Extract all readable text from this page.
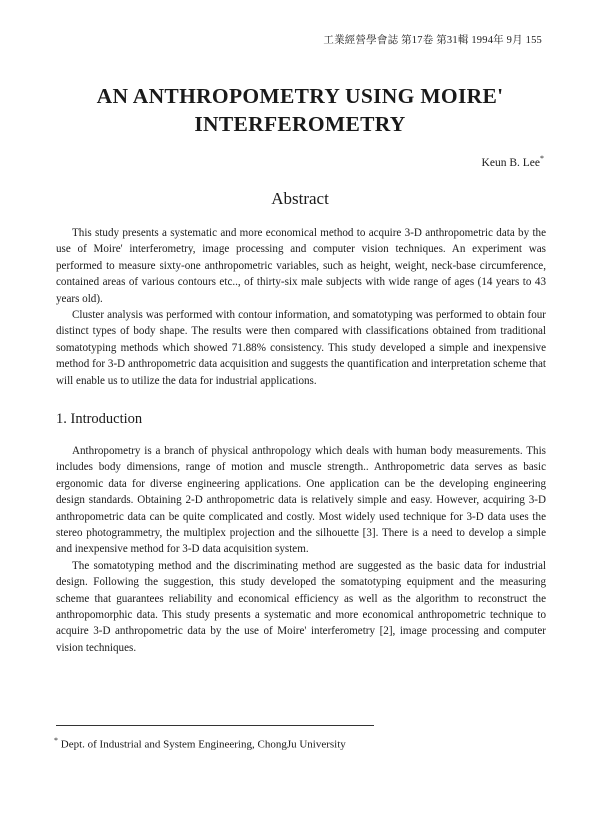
工業經營學會誌 第17卷 第31輯 1994年 9月 155
AN ANTHROPOMETRY USING MOIRE'
INTERFEROMETRY
Keun B. Lee*
Abstract

This study presents a systematic and more economical method to acquire 3-D anthropometric data by the use of Moire' interferometry, image processing and computer vision techniques. An experiment was performed to measure sixty-one anthropometric variables, such as height, weight, neck-base circumference, contained areas of various contours etc.., of thirty-six male subjects with wide range of ages (14 years to 43 years old).

Cluster analysis was performed with contour information, and somatotyping was performed to obtain four distinct types of body shape. The results were then compared with classifications obtained from traditional somatotyping methods which showed 71.88% consistency. This study developed a simple and inexpensive method for 3-D anthropometric data acquisition and suggests the quantification and interpretation scheme that will enable us to utilize the data for industrial applications.

1. Introduction

Anthropometry is a branch of physical anthropology which deals with human body measurements. This includes body dimensions, range of motion and muscle strength.. Anthropometric data serves as basic ergonomic data for diverse engineering applications. One application can be the developing engineering design standards. Obtaining 2-D anthropometric data is relatively simple and easy. However, acquiring 3-D anthropometric data can be quite complicated and costly. Most widely used technique for 3-D data uses the stereo photogrammetry, the multiplex projection and the silhouette [3]. There is a need to develop a simple and inexpensive method for 3-D data acquisition system.

The somatotyping method and the discriminating method are suggested as the basic data for industrial design. Following the suggestion, this study developed the somatotyping equipment and the measuring scheme that guarantees reliability and economical efficiency as well as the algorithm to reconstruct the anthropomorphic data. This study presents a systematic and more economical anthropometric technique to acquire 3-D anthropometric data by the use of Moire' interferometry [2], image processing and computer vision techniques.

* Dept. of Industrial and System Engineering, ChongJu University
